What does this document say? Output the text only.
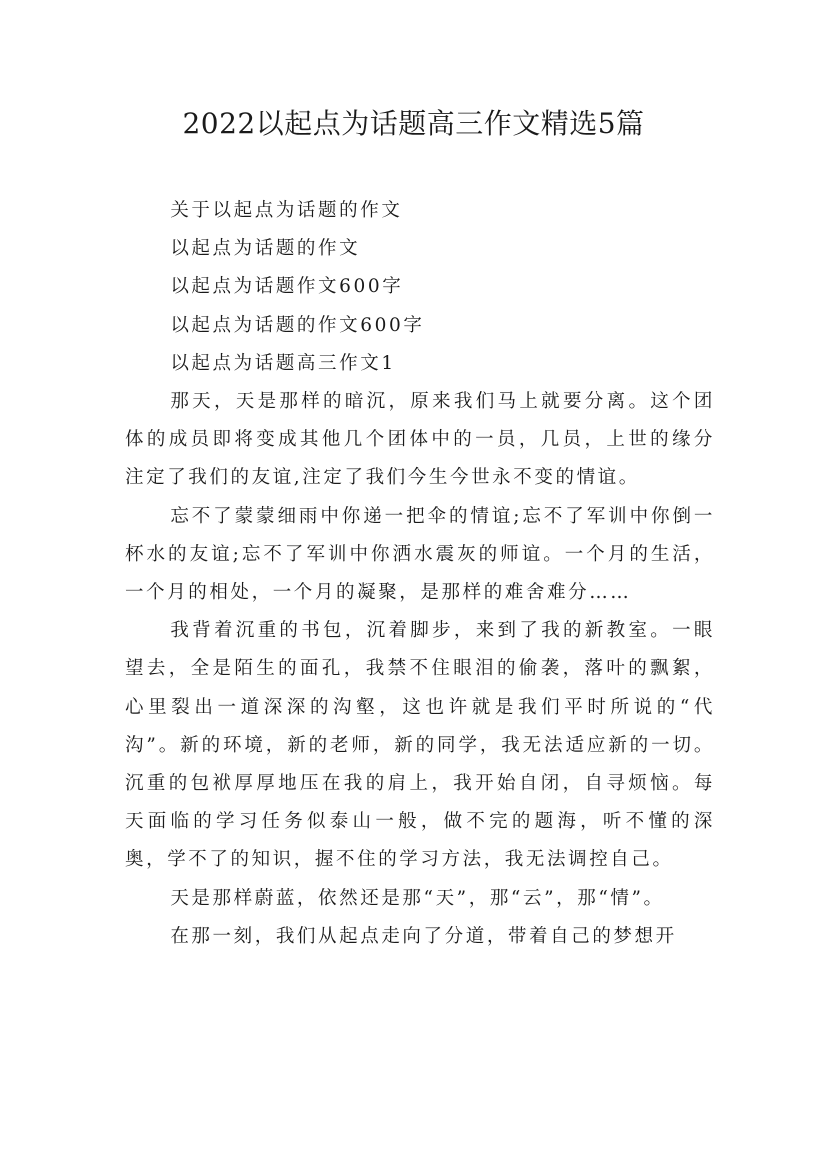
2022以起点为话题高三作文精选5篇

关于以起点为话题的作文

以起点为话题的作文

以起点为话题作文600字

以起点为话题的作文600字

以起点为话题高三作文1

那天，天是那样的暗沉，原来我们马上就要分离。这个团体的成员即将变成其他几个团体中的一员，几员，上世的缘分注定了我们的友谊,注定了我们今生今世永不变的情谊。

忘不了蒙蒙细雨中你递一把伞的情谊;忘不了军训中你倒一杯水的友谊;忘不了军训中你洒水震灰的师谊。一个月的生活，一个月的相处，一个月的凝聚，是那样的难舍难分……

我背着沉重的书包，沉着脚步，来到了我的新教室。一眼望去，全是陌生的面孔，我禁不住眼泪的偷袭，落叶的飘絮，心里裂出一道深深的沟壑，这也许就是我们平时所说的“代沟”。新的环境，新的老师，新的同学，我无法适应新的一切。沉重的包袱厚厚地压在我的肩上，我开始自闭，自寻烦恼。每天面临的学习任务似泰山一般，做不完的题海，听不懂的深奥，学不了的知识，握不住的学习方法，我无法调控自己。

天是那样蔚蓝，依然还是那“天”，那“云”，那“情”。

在那一刻，我们从起点走向了分道，带着自己的梦想开
